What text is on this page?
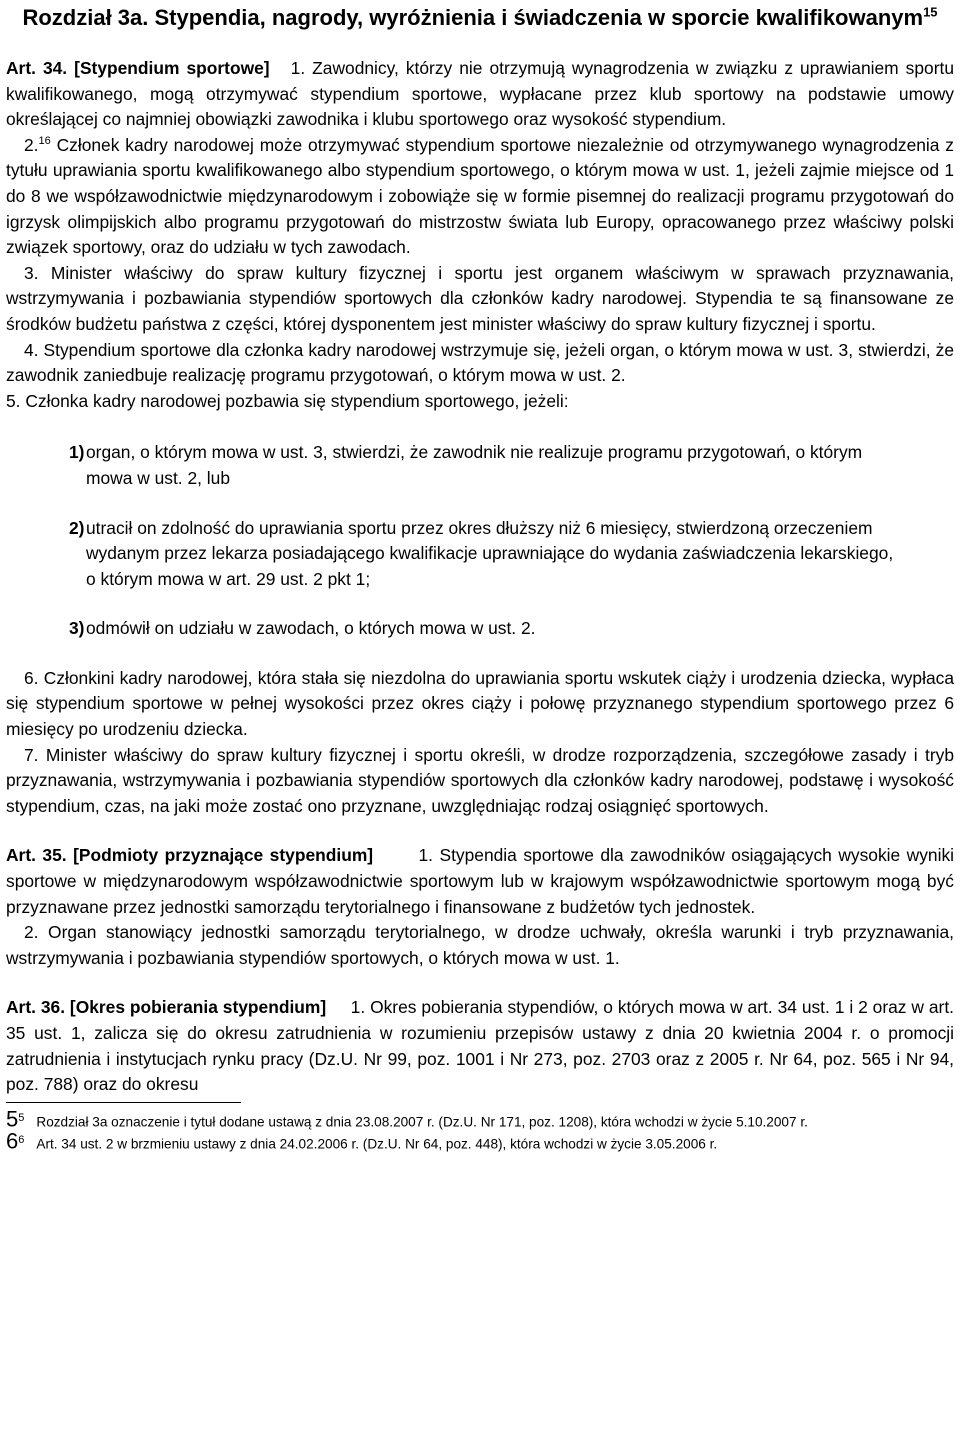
Rozdział 3a. Stypendia, nagrody, wyróżnienia i świadczenia w sporcie kwalifikowanym$^{15}$

Art. 34. [Stypendium sportowe] 1. Zawodnicy, którzy nie otrzymują wynagrodzenia w związku z uprawianiem sportu kwalifikowanego, mogą otrzymywać stypendium sportowe, wypłacane przez klub sportowy na podstawie umowy określającej co najmniej obowiązki zawodnika i klubu sportowego oraz wysokość stypendium.

2.16 Członek kadry narodowej może otrzymywać stypendium sportowe niezależnie od otrzymywanego wynagrodzenia z tytułu uprawiania sportu kwalifikowanego albo stypendium sportowego, o którym mowa w ust. 1, jeżeli zajmie miejsce od 1 do 8 we współzawodnictwie międzynarodowym i zobowiąże się w formie pisemnej do realizacji programu przygotowań do igrzysk olimpijskich albo programu przygotowań do mistrzostw świata lub Europy, opracowanego przez właściwy polski związek sportowy, oraz do udziału w tych zawodach.

3. Minister właściwy do spraw kultury fizycznej i sportu jest organem właściwym w sprawach przyznawania, wstrzymywania i pozbawiania stypendiów sportowych dla członków kadry narodowej. Stypendia te są finansowane ze środków budżetu państwa z części, której dysponentem jest minister właściwy do spraw kultury fizycznej i sportu.

4. Stypendium sportowe dla członka kadry narodowej wstrzymuje się, jeżeli organ, o którym mowa w ust. 3, stwierdzi, że zawodnik zaniedbuje realizację programu przygotowań, o którym mowa w ust. 2.

5. Członka kadry narodowej pozbawia się stypendium sportowego, jeżeli:

1) organ, o którym mowa w ust. 3, stwierdzi, że zawodnik nie realizuje programu przygotowań, o którym mowa w ust. 2, lub
2) utracił on zdolność do uprawiania sportu przez okres dłuższy niż 6 miesięcy, stwierdzoną orzeczeniem wydanym przez lekarza posiadającego kwalifikacje uprawniające do wydania zaświadczenia lekarskiego, o którym mowa w art. 29 ust. 2 pkt 1;
3) odmówił on udziału w zawodach, o których mowa w ust. 2.

6. Członkini kadry narodowej, która stała się niezdolna do uprawiania sportu wskutek ciąży i urodzenia dziecka, wypłaca się stypendium sportowe w pełnej wysokości przez okres ciąży i połowę przyznanego stypendium sportowego przez 6 miesięcy po urodzeniu dziecka.

7. Minister właściwy do spraw kultury fizycznej i sportu określi, w drodze rozporządzenia, szczegółowe zasady i tryb przyznawania, wstrzymywania i pozbawiania stypendiów sportowych dla członków kadry narodowej, podstawę i wysokość stypendium, czas, na jaki może zostać ono przyznane, uwzględniając rodzaj osiągnięć sportowych.

Art. 35. [Podmioty przyznające stypendium]	1. Stypendia sportowe dla zawodników osiągających wysokie wyniki sportowe w międzynarodowym współzawodnictwie sportowym lub w krajowym współzawodnictwie sportowym mogą być przyznawane przez jednostki samorządu terytorialnego i finansowane z budżetów tych jednostek.

2. Organ stanowiący jednostki samorządu terytorialnego, w drodze uchwały, określa warunki i tryb przyznawania, wstrzymywania i pozbawiania stypendiów sportowych, o których mowa w ust. 1.

Art. 36. [Okres pobierania stypendium] 1. Okres pobierania stypendiów, o których mowa w art. 34 ust. 1 i 2 oraz w art. 35 ust. 1, zalicza się do okresu zatrudnienia w rozumieniu przepisów ustawy z dnia 20 kwietnia 2004 r. o promocji zatrudnienia i instytucjach rynku pracy (Dz.U. Nr 99, poz. 1001 i Nr 273, poz. 2703 oraz z 2005 r. Nr 64, poz. 565 i Nr 94, poz. 788) oraz do okresu

$5^5$ Rozdział 3a oznaczenie i tytuł dodane ustawą z dnia 23.08.2007 r. (Dz.U. Nr 171, poz. 1208), która wchodzi w życie 5.10.2007 r.
$6^6$ Art. 34 ust. 2 w brzmieniu ustawy z dnia 24.02.2006 r. (Dz.U. Nr 64, poz. 448), która wchodzi w życie 3.05.2006 r.
